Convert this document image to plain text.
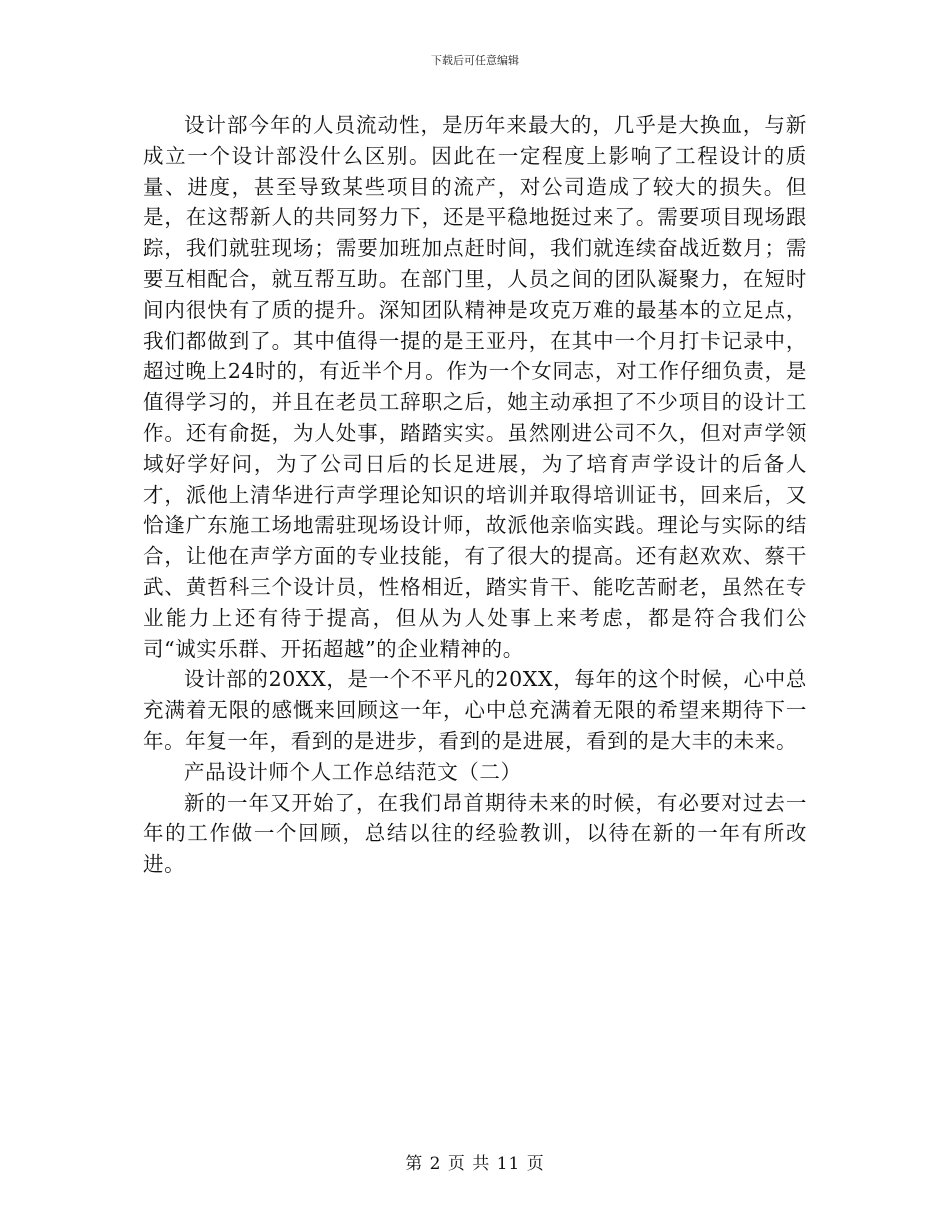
下载后可任意编辑

设计部今年的人员流动性，是历年来最大的，几乎是大换血，与新成立一个设计部没什么区别。因此在一定程度上影响了工程设计的质量、进度，甚至导致某些项目的流产，对公司造成了较大的损失。但是，在这帮新人的共同努力下，还是平稳地挺过来了。需要项目现场跟踪，我们就驻现场；需要加班加点赶时间，我们就连续奋战近数月；需要互相配合，就互帮互助。在部门里，人员之间的团队凝聚力，在短时间内很快有了质的提升。深知团队精神是攻克万难的最基本的立足点，我们都做到了。其中值得一提的是王亚丹，在其中一个月打卡记录中，超过晚上24时的，有近半个月。作为一个女同志，对工作仔细负责，是值得学习的，并且在老员工辞职之后，她主动承担了不少项目的设计工作。还有俞挺，为人处事，踏踏实实。虽然刚进公司不久，但对声学领域好学好问，为了公司日后的长足进展，为了培育声学设计的后备人才，派他上清华进行声学理论知识的培训并取得培训证书，回来后，又恰逢广东施工场地需驻现场设计师，故派他亲临实践。理论与实际的结合，让他在声学方面的专业技能，有了很大的提高。还有赵欢欢、蔡干武、黄哲科三个设计员，性格相近，踏实肯干、能吃苦耐老，虽然在专业能力上还有待于提高，但从为人处事上来考虑，都是符合我们公司“诚实乐群、开拓超越”的企业精神的。

设计部的20XX，是一个不平凡的20XX，每年的这个时候，心中总充满着无限的感慨来回顾这一年，心中总充满着无限的希望来期待下一年。年复一年，看到的是进步，看到的是进展，看到的是大丰的未来。

产品设计师个人工作总结范文（二）

新的一年又开始了，在我们昂首期待未来的时候，有必要对过去一年的工作做一个回顾，总结以往的经验教训，以待在新的一年有所改进。

第 2 页 共 11 页
